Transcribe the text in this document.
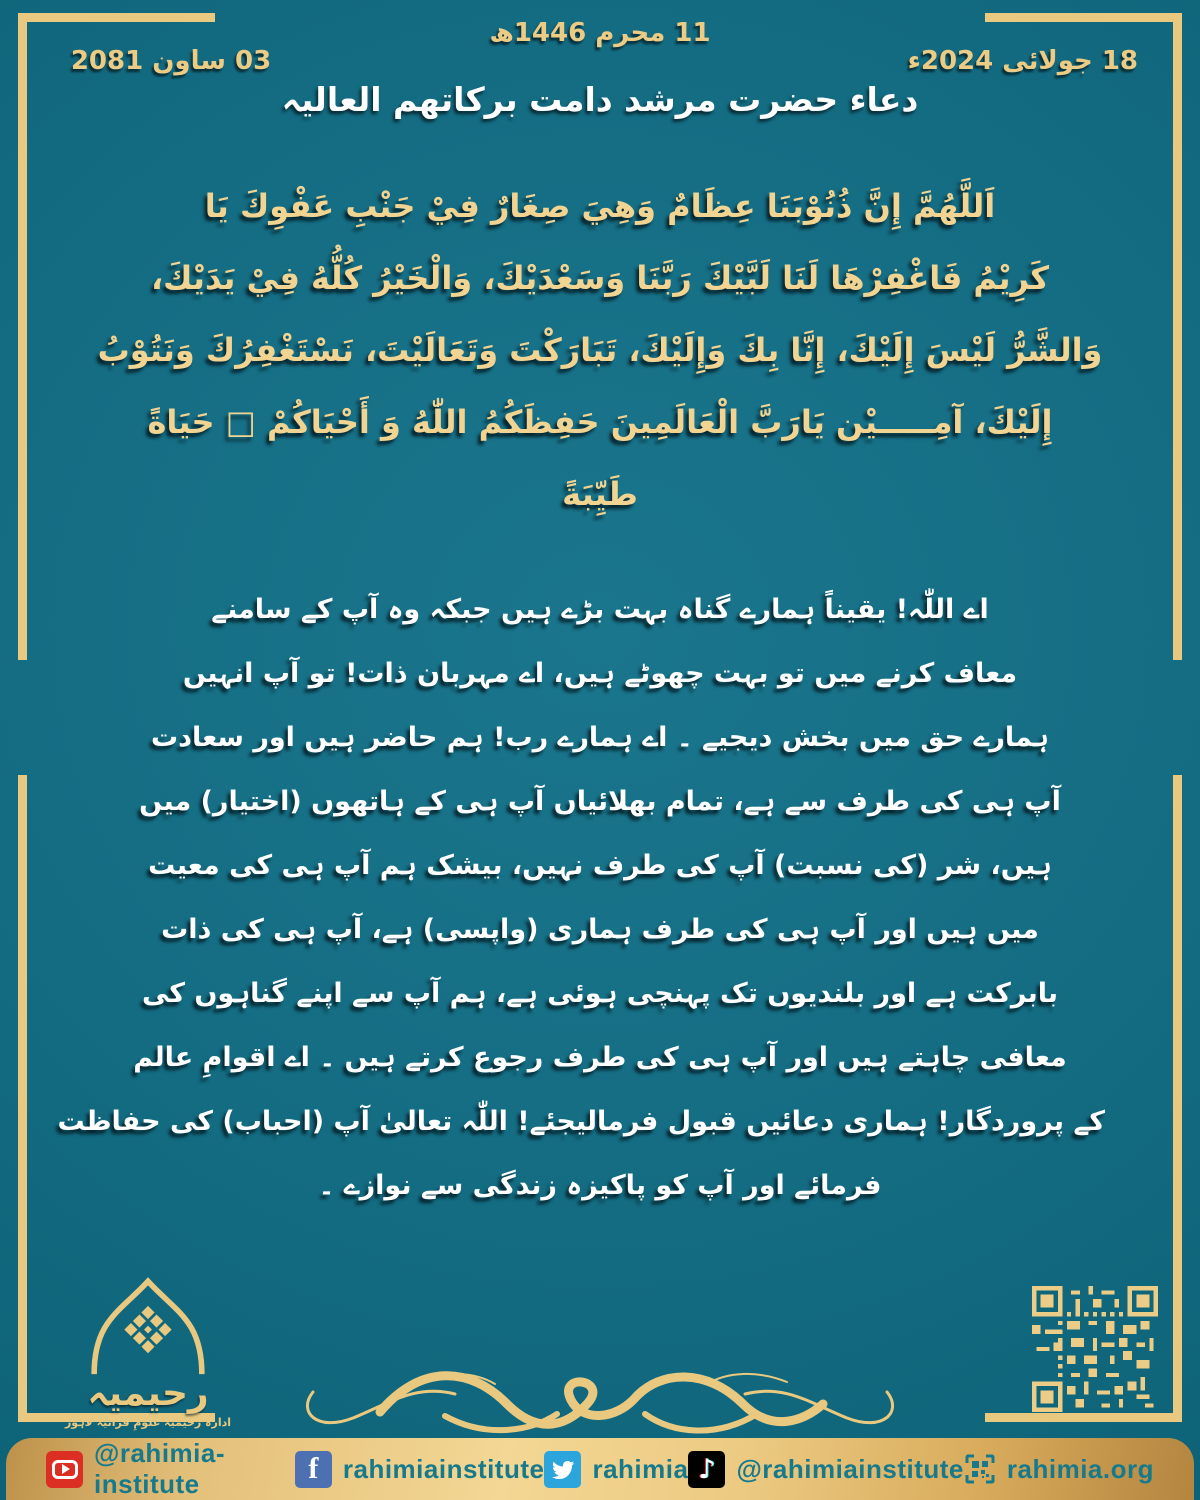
11 محرم 1446ھ
18 جولائی 2024ء
03 ساون 2081
دعاء حضرت مرشد دامت برکاتھم العالیہ
اَللَّهُمَّ إِنَّ ذُنُوْبَنَا عِظَامٌ وَهِيَ صِغَارٌ فِيْ جَنْبِ عَفْوِكَ يَا
كَرِيْمُ فَاغْفِرْهَا لَنَا لَبَّيْكَ رَبَّنَا وَسَعْدَيْكَ، وَالْخَيْرُ كُلُّهُ فِيْ يَدَيْكَ،
وَالشَّرُّ لَيْسَ إِلَيْكَ، إِنَّا بِكَ وَإِلَيْكَ، تَبَارَكْتَ وَتَعَالَيْتَ، نَسْتَغْفِرُكَ وَنَتُوْبُ
إِلَيْكَ، آمِـــــيْن يَارَبَّ الْعَالَمِينَ حَفِظَكُمُ اللّٰهُ وَ أَحْيَاكُمْ □ حَيَاةً
طَيِّبَةً
اے اللّٰہ! یقیناً ہمارے گناہ بہت بڑے ہیں جبکہ وہ آپ کے سامنے
معاف کرنے میں تو بہت چھوٹے ہیں، اے مہربان ذات! تو آپ انہیں
ہمارے حق میں بخش دیجیے ۔ اے ہمارے رب! ہم حاضر ہیں اور سعادت
آپ ہی کی طرف سے ہے، تمام بھلائیاں آپ ہی کے ہاتھوں (اختیار) میں
ہیں، شر (کی نسبت) آپ کی طرف نہیں، بیشک ہم آپ ہی کی معیت
میں ہیں اور آپ ہی کی طرف ہماری (واپسی) ہے، آپ ہی کی ذات
بابرکت ہے اور بلندیوں تک پہنچی ہوئی ہے، ہم آپ سے اپنے گناہوں کی
معافی چاہتے ہیں اور آپ ہی کی طرف رجوع کرتے ہیں ۔ اے اقوامِ عالم
کے پروردگار! ہماری دعائیں قبول فرمالیجئے! اللّٰہ تعالیٰ آپ (احباب) کی حفاظت
فرمائے اور آپ کو پاکیزہ زندگی سے نوازے ۔
رحیمیہ
ادارہ رحیمیہ علومِ قرآنیہ لاہور
@rahimia-institute	f rahimiainstitute rahimia ♪ @rahimiainstitute rahimia.org
